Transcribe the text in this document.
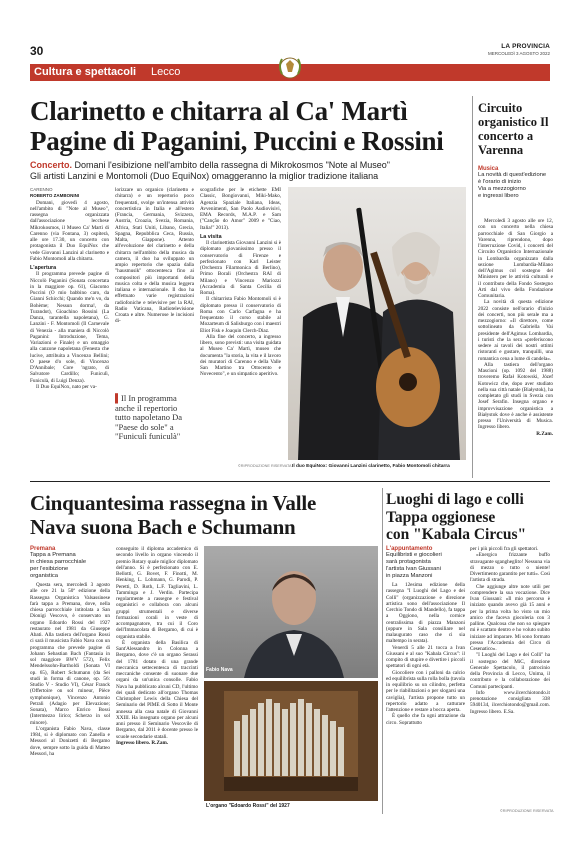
30	LA PROVINCIA
MERCOLEDÌ 3 AGOSTO 2022
Cultura e spettacoli Lecco
Clarinetto e chitarra al Ca' Martì
Pagine di Paganini, Puccini e Rossini
Concerto. Domani l'esibizione nell'ambito della rassegna di Mikrokosmos "Note al Museo"
Gli artisti Lanzini e Montomoli (Duo EquiNox) omaggeranno la miglior tradizione italiana

CARENNO

ROBERTO ZAMBONINI

Domani, giovedì 4 agosto, nell'ambito di "Note al Museo", rassegna organizzata dall'associazione lecchese Mikrokosmos, il Museo Ca' Martì di Carenno (via Fontana, 3) ospiterà, alle ore 17.30, un concerto con protagonista il Duo EquiNox che vede Giovanni Lanzini al clarinetto e Fabio Montomoli alla chitarra.

L'apertura

Il programma prevede pagine di Niccolò Paganini (Sonata concertata in la maggiore op. 61), Giacomo Puccini (O mio babbino caro, da Gianni Schicchi; Quando me'n vo, da Bohème; Nessun dorma!, da Turandot), Gioachino Rossini (La Danza, tarantella napoletana), G. Lanzini - F. Montomoli (Il Carnevale di Venezia - alla maniera di Niccolò Paganini: Introduzione, Tema, Variazioni e Finale) e un omaggio alla canzone napoletana (Fenesta che lucive, attribuita a Vincenzo Bellini; O paese d'o sole, di Vincenzo D'Annibale; Core 'ngrato, di Salvatore Cardillo; Funiculì, Funiculà, di Luigi Denza).

Il Duo EquiNox, nato per va-

lorizzare un organico (clarinetto e chitarra) e un repertorio poco frequentati, svolge un'intensa attività concertistica in Italia e all'estero (Francia, Germania, Svizzera, Austria, Croazia, Svezia, Romania, Africa, Stati Uniti, Libano, Grecia, Spagna, Repubblica Ceca, Russia, Malta, Giappone). Attento all'evoluzione del clarinetto e della chitarra nell'ambito della musica da camera, il duo ha sviluppato un ampio repertorio che spazia dalla "hausmusik" ottocentesca fino ai compositori più importanti della musica colta e della musica leggera italiana e internazionale. Il duo ha effettuato varie registrazioni radiofoniche e televisive per la RAI, Radio Vaticana, Radiotelevisione Croata e altre. Numerose le incisioni di-

▌Il In programma anche il repertorio tutto napoletano Da "Paese do sole" a "Funiculì funiculà"

scografiche per le etichette EMI Classic, Bongiovanni, Miki-Mako, Agenzia Spaziale Italiana, Ideas, Avvenimenti, San Paolo Audiovisivi, EMA Records, M.A.P. e Sam ("Canção do Amor" 2009 e "Ciao, Italia!" 2013).

La visita

Il clarinettista Giovanni Lanzini si è diplomato giovanissimo presso il conservatorio di Firenze e perfezionato con Karl Leister (Orchestra Filarmonica di Berlino), Primo Borali (Orchestra RAI di Milano) e Vincenzo Mariozzi (Accademia di Santa Cecilia di Roma).

Il chitarrista Fabio Montomoli si è diplomato presso il conservatorio di Roma con Carlo Carfagna e ha frequentato il corso stabile al Mozarteum di Salisburgo con i maestri Eliot Fisk e Joaquin Clerch-Diaz.

Alla fine del concerto, a ingresso libero, sono previsti: una visita guidata al Museo Ca' Martì, museo che documenta "la storia, la vita e il lavoro dei muratori di Carenno e della Valle San Martino tra Ottocento e Novecento", e un simpatico aperitivo.

©RIPRODUZIONE RISERVATA Il duo EquiNox: Giovanni Lanzini clarinetto, Fabio Montomoli chitarra
Circuito organistico Il concerto a Varenna
Musica
La novità di quest'edizione
è l'orario di inizio
Via a mezzogiorno
e ingressi libero

Mercoledì 3 agosto alle ore 12, con un concerto nella chiesa parrocchiale di San Giorgio a Varenna, riprendono, dopo l'interruzione Covid, i concerti del Circuito Organistico Internazionale in Lombardia organizzato dalla sezione Lombardia-Milano dell'Agimus col sostegno del Ministero per le attività culturali e il contributo della Fondo Sostegno Arti dal vivo della Fondazione Comunitaria.

La novità di questa edizione 2022 consiste nell'orario d'inizio dei concerti, non più serale ma a mezzogiorno: «Il direttore, come sottolineato da Gabriella Vai presidente dell'Agimus Lombardia, i turisti che la sera «preferiscono sedere ai tavoli dei nostri ottimi ristoranti e gustare, tranquilli, una romantica cena a lume di candela».

Alla tastiera dell'organo Mascioni (op. 1092 del 1988) troveremo Rafał Kotowski, Józef Kotowicz che, dopo aver studiato nella sua città natale (Białystok), ha completato gli studi in Svezia con Josef Serafin. Insegna organo e improvvisazione organistica a Białystok dove è anche è assistente presso l'Università di Musica. Ingresso libero.

R.Zam.

Cinquantesima rassegna in Valle
Nava suona Bach e Schumann
Premana
Tappa a Premana
in chiesa parrocchiale
per l'esibizione
organistica

Questa sera, mercoledì 3 agosto alle ore 21 la 50ª edizione della Rassegna Organistica Valsassinese farà tappa a Premana, dove, nella chiesa parrocchiale intitolata a San Dionigi Vescovo, è conservato un organo Edoardo Rossi del 1927 restaurato nel 1981 da Giuseppe Abati. Alla tastiera dell'organo Rossi ci sarà il musicista Fabio Nava con un programma che prevede pagine di Johann Sebastian Bach (Fantasia in sol maggiore BWV 572), Felix Mendelssohn-Bartholdi (Sonata VI op. 65), Robert Schumann (da Sei studi in forma di canone, op. 56: Studio V - Studio VI), César Franck (Offertoire on sol mineur, Pièce symphonique), Vincenzo Antonio Petrali (Adagio per Elevazione; Sonata), Marco Enrico Bossi (Intermezzo lirico; Scherzo in sol minore).

L'organista Fabio Nava, classe 1984, si è diplomato con Zanella e Messori al Donizetti di Bergamo dove, sempre sotto la guida di Matteo Messori, ha

conseguito il diploma accademico di secondo livello in organo vincendo il premio Rotary quale miglior diplomato dell'anno. Si è perfezionato con E. Bellotti, G. Bovet, F. Finotti, M. Henking, L. Lohmann, G. Parodi, P. Peretti, D. Roth, L.F. Tagliavini, L. Tamminga e J. Verdin. Partecipa regolarmente a rassegne e festival organistici e collabora con alcuni gruppi strumentali e diverse formazioni corali in veste di accompagnatore, tra cui il Coro dell'Immacolata di Bergamo, di cui è organista stabile.

È organista della Basilica di Sant'Alessandro in Colonna a Bergamo, dove c'è un organo Serassi del 1781 dotato di una grande meccanica settecentesca di traccinti meccaniche consente di suonare due organi da un'unica consolle. Fabio Nava ha pubblicato alcuni CD, l'ultimo dei quali dedicato all'organo Thomas Christopher Lewis della Chiesa del Seminario del PIME di Sotto il Monte annessa alla casa natale di Giovanni XXIII. Ha insegnato organo per alcuni anni presso il Seminario Vescovile di Bergamo, dal 2011 è docente presso le scuole secondarie statali.

Ingresso libero. R.Zam.

Fabio Nava
L'organo "Edoardo Rossi" del 1927
Luoghi di lago e colli
Tappa oggionese
con "Kabala Circus"
L'appuntamento
Equilibristi e giocolieri
sarà protagonista
l'artista Ivan Giussani
in piazza Manzoni

La 12esima edizione della rassegna "I Luoghi del Lago e dei Colli" (organizzazione e direzione artistica sono dell'associazione Il Cerchio Tondo di Mandello), fa tappa a Oggiono, nella cornice centralissima di piazza Manzoni (oppure in Sala consiliare nel malaugurato caso che ci sia maltempo in serata).

Venerdì 5 alle 21 tocca a Ivan Giussani e al suo "Kabala Circus": il compito di stupire e divertire i piccoli spettatori di ogni età.

Giocoliere con i palloni da calcio ed equilibrista sulla rolla bolla (tavola in equilibrio su un cilindro, perfetta per le riabilitazioni o per slogarsi una caviglia), l'artista propone tutto un repertorio adatto a catturare l'attenzione e restare a bocca aperta.

È quello che fa ogni attrazione da circo. Soprattutto

per i più piccoli fra gli spettatori.

«Energico frizzante buffo stravagante sgangheglito! Nessuna via di mezzo o tutto o niente! Divertimento garantito per tutti». Così l'artista di strada.

Che aggiunge altre note utili per comprendere la sua vocazione. Dice Ivan Giussani: «Il mio percorso è iniziato quando avevo già 15 anni e per la prima volta ho visto un mio amico che faceva giocoleria con 3 palline. Qualcosa che non so spiegare mi è scattato dentro e ho voluto subito iniziare ad imparare. Mi sono formato presso l'Accademia del Circo di Cesenatico».

"I Luoghi del Lago e dei Colli" ha il sostegno del MiC, direzione Generale Spettacolo, il patrocinio della Provincia di Lecco, Unima, il contributo e la collaborazione dei Comuni partecipanti.

Info www.ilcerchiotondo.it prenotazione consigliata 338 5940134, ilcerchiotondo@gmail.com. Ingresso libero. E.Sa.

©RIPRODUZIONE RISERVATA
